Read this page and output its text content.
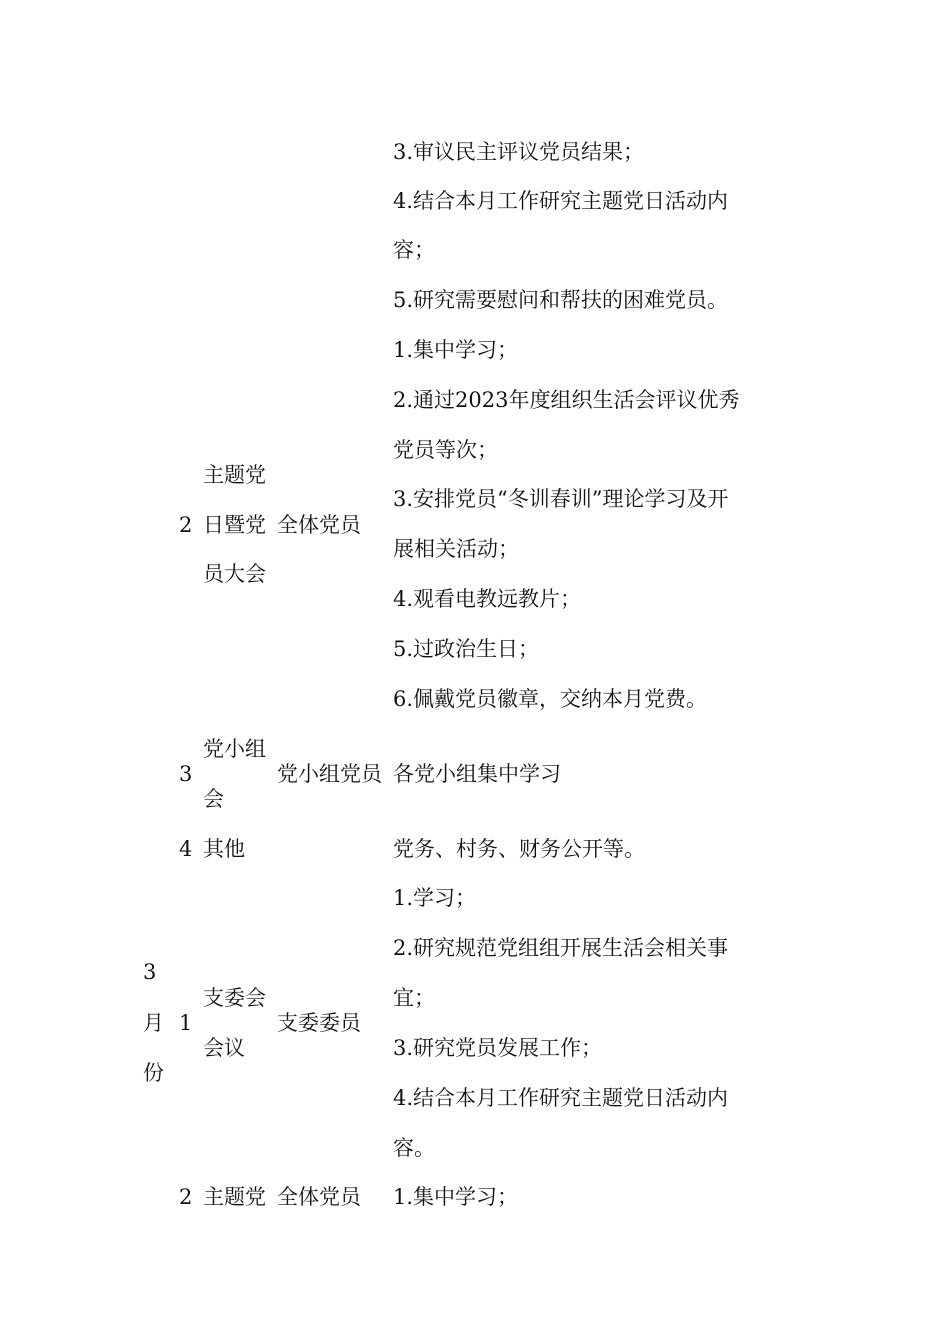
3.审议民主评议党员结果；
4.结合本月工作研究主题党日活动内
容；
5.研究需要慰问和帮扶的困难党员。
2
主题党
日暨党
员大会
全体党员
1.集中学习；
2.通过2023年度组织生活会评议优秀
党员等次；
3.安排党员“冬训春训”理论学习及开
展相关活动；
4.观看电教远教片；
5.过政治生日；
6.佩戴党员徽章，交纳本月党费。
3
党小组
会
党小组党员 各党小组集中学习
4 其他	党务、村务、财务公开等。
3
月
份
1
支委会
会议
支委委员
1.学习；
2.研究规范党组组开展生活会相关事
宜；
3.研究党员发展工作；
4.结合本月工作研究主题党日活动内
容。
2 主题党 全体党员 1.集中学习；
